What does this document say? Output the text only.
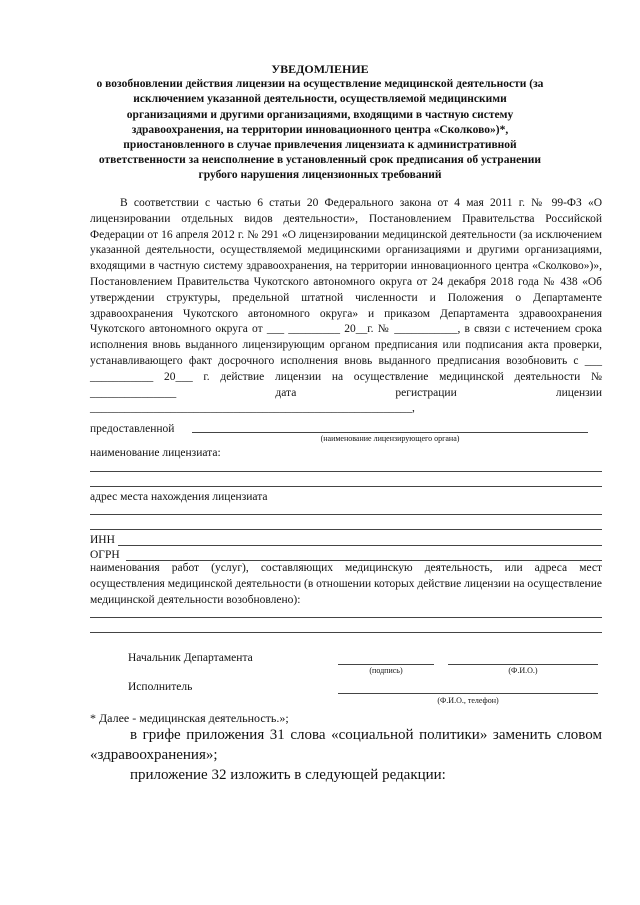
УВЕДОМЛЕНИЕ
о возобновлении действия лицензии на осуществление медицинской деятельности (за
исключением указанной деятельности, осуществляемой медицинскими
организациями и другими организациями, входящими в частную систему
здравоохранения, на территории инновационного центра «Сколково»)*,
приостановленного в случае привлечения лицензиата к административной
ответственности за неисполнение в установленный срок предписания об устранении
грубого нарушения лицензионных требований
В соответствии с частью 6 статьи 20 Федерального закона от 4 мая 2011 г. № 99-ФЗ «О лицензировании отдельных видов деятельности», Постановлением Правительства Российской Федерации от 16 апреля 2012 г. № 291 «О лицензировании медицинской деятельности (за исключением указанной деятельности, осуществляемой медицинскими организациями и другими организациями, входящими в частную систему здравоохранения, на территории инновационного центра «Сколково»)», Постановлением Правительства Чукотского автономного округа от 24 декабря 2018 года № 438 «Об утверждении структуры, предельной штатной численности и Положения о Департаменте здравоохранения Чукотского автономного округа» и приказом Департамента здравоохранения Чукотского автономного округа от ___ _________ 20__г. № ___________, в связи с истечением срока исполнения вновь выданного лицензирующим органом предписания или подписания акта проверки, устанавливающего факт досрочного исполнения вновь выданного предписания возобновить с ___ ___________ 20___ г. действие лицензии на осуществление медицинской деятельности № _______________ дата регистрации лицензии ________________________________________________________,
предоставленной
(наименование лицензирующего органа)
наименование лицензиата:
адрес места нахождения лицензиата
ИНН
ОГРН
наименования работ (услуг), составляющих медицинскую деятельность, или адреса мест осуществления медицинской деятельности (в отношении которых действие лицензии на осуществление медицинской деятельности возобновлено):
Начальник Департамента
(подпись)	(Ф.И.О.)
Исполнитель
(Ф.И.О., телефон)
* Далее - медицинская деятельность.»;
в грифе приложения 31 слова «социальной политики» заменить словом «здравоохранения»;
приложение 32 изложить в следующей редакции:
